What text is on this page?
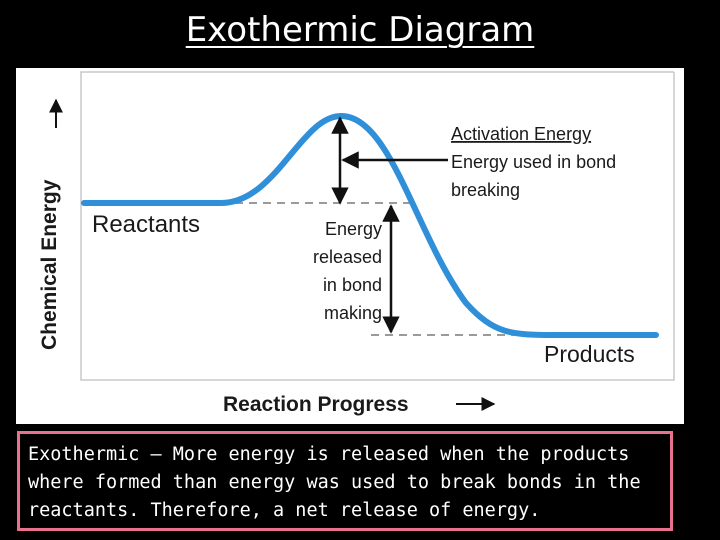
Exothermic Diagram
Chemical Energy Reactants
Products
Activation Energy
Energy used in bond
breaking
Energy
released
in bond
making
Reaction Progress
Exothermic – More energy is released when the products where formed than energy was used to break bonds in the reactants. Therefore, a net release of energy.
